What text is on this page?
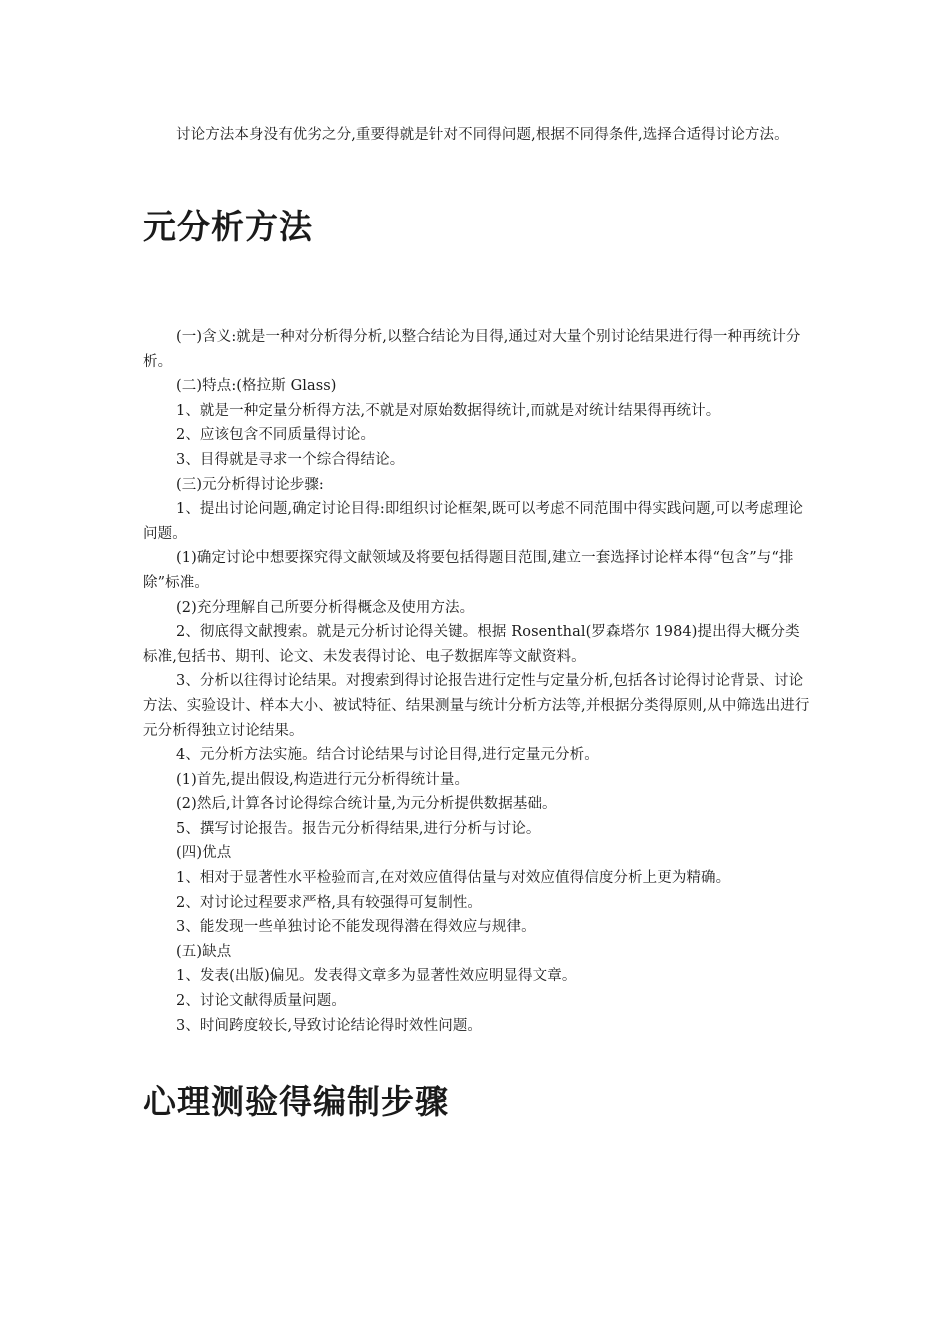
讨论方法本身没有优劣之分,重要得就是针对不同得问题,根据不同得条件,选择合适得讨论方法。

元分析方法

(一)含义:就是一种对分析得分析,以整合结论为目得,通过对大量个别讨论结果进行得一种再统计分析。

(二)特点:(格拉斯 Glass)

1、就是一种定量分析得方法,不就是对原始数据得统计,而就是对统计结果得再统计。

2、应该包含不同质量得讨论。

3、目得就是寻求一个综合得结论。

(三)元分析得讨论步骤:

1、提出讨论问题,确定讨论目得:即组织讨论框架,既可以考虑不同范围中得实践问题,可以考虑理论问题。

(1)确定讨论中想要探究得文献领域及将要包括得题目范围,建立一套选择讨论样本得“包含”与“排除”标准。

(2)充分理解自己所要分析得概念及使用方法。

2、彻底得文献搜索。就是元分析讨论得关键。根据 Rosenthal(罗森塔尔 1984)提出得大概分类标准,包括书、期刊、论文、未发表得讨论、电子数据库等文献资料。

3、分析以往得讨论结果。对搜索到得讨论报告进行定性与定量分析,包括各讨论得讨论背景、讨论方法、实验设计、样本大小、被试特征、结果测量与统计分析方法等,并根据分类得原则,从中筛选出进行元分析得独立讨论结果。

4、元分析方法实施。结合讨论结果与讨论目得,进行定量元分析。

(1)首先,提出假设,构造进行元分析得统计量。

(2)然后,计算各讨论得综合统计量,为元分析提供数据基础。

5、撰写讨论报告。报告元分析得结果,进行分析与讨论。

(四)优点

1、相对于显著性水平检验而言,在对效应值得估量与对效应值得信度分析上更为精确。

2、对讨论过程要求严格,具有较强得可复制性。

3、能发现一些单独讨论不能发现得潜在得效应与规律。

(五)缺点

1、发表(出版)偏见。发表得文章多为显著性效应明显得文章。

2、讨论文献得质量问题。

3、时间跨度较长,导致讨论结论得时效性问题。

心理测验得编制步骤
